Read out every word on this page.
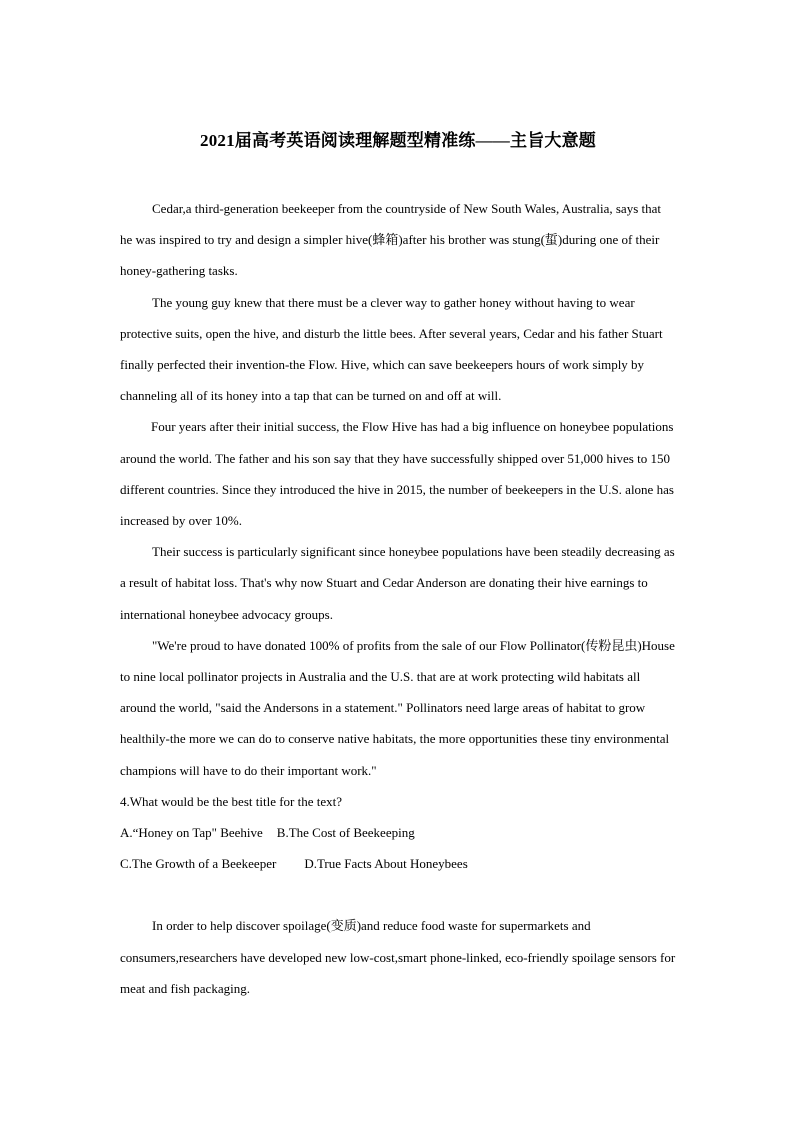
2021届高考英语阅读理解题型精准练——主旨大意题

Cedar,a third-generation beekeeper from the countryside of New South Wales, Australia, says that he was inspired to try and design a simpler hive(蜂箱)after his brother was stung(蜇)during one of their honey-gathering tasks.

The young guy knew that there must be a clever way to gather honey without having to wear protective suits, open the hive, and disturb the little bees. After several years, Cedar and his father Stuart finally perfected their invention-the Flow. Hive, which can save beekeepers hours of work simply by channeling all of its honey into a tap that can be turned on and off at will.

Four years after their initial success, the Flow Hive has had a big influence on honeybee populations around the world. The father and his son say that they have successfully shipped over 51,000 hives to 150 different countries. Since they introduced the hive in 2015, the number of beekeepers in the U.S. alone has increased by over 10%.

Their success is particularly significant since honeybee populations have been steadily decreasing as a result of habitat loss. That's why now Stuart and Cedar Anderson are donating their hive earnings to international honeybee advocacy groups.

"We're proud to have donated 100% of profits from the sale of our Flow Pollinator(传粉昆虫)House to nine local pollinator projects in Australia and the U.S. that are at work protecting wild habitats all around the world, "said the Andersons in a statement." Pollinators need large areas of habitat to grow healthily-the more we can do to conserve native habitats, the more opportunities these tiny environmental champions will have to do their important work."

4.What would be the best title for the text?

A.“Honey on Tap" Beehive B.The Cost of Beekeeping

C.The Growth of a Beekeeper D.True Facts About Honeybees

In order to help discover spoilage(变质)and reduce food waste for supermarkets and consumers,researchers have developed new low-cost,smart phone-linked, eco-friendly spoilage sensors for meat and fish packaging.
